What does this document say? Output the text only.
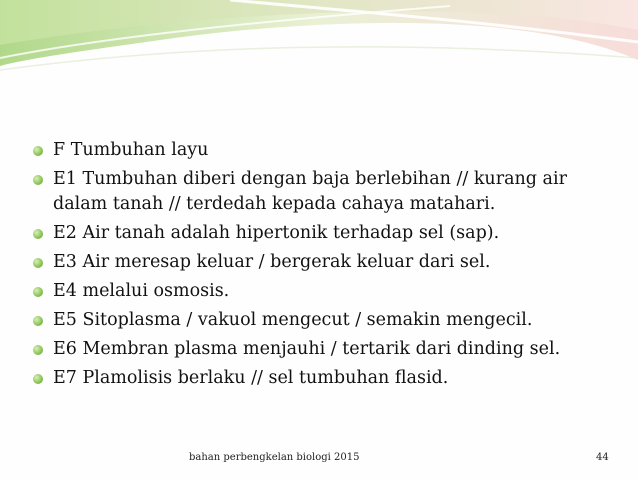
F Tumbuhan layu
E1 Tumbuhan diberi dengan baja berlebihan // kurang air dalam tanah // terdedah kepada cahaya matahari.
E2 Air tanah adalah hipertonik terhadap sel (sap).
E3 Air meresap keluar / bergerak keluar dari sel.
E4 melalui osmosis.
E5 Sitoplasma / vakuol mengecut / semakin mengecil.
E6 Membran plasma menjauhi / tertarik dari dinding sel.
E7 Plamolisis berlaku // sel tumbuhan flasid.
bahan perbengkelan biologi 2015	44
